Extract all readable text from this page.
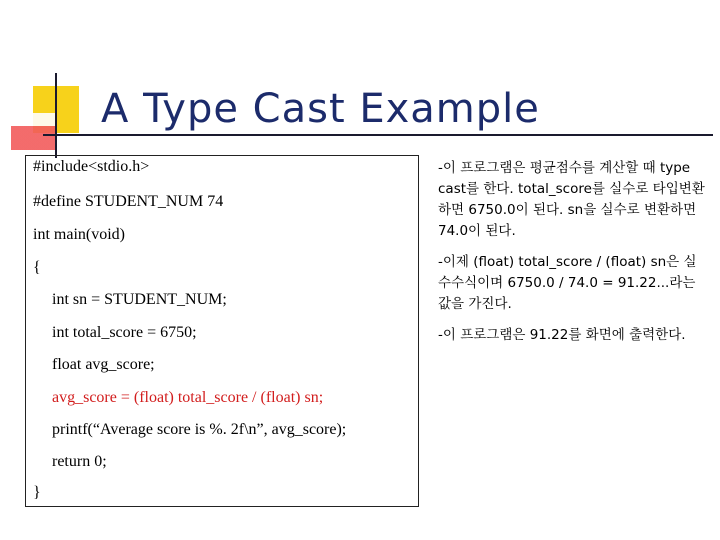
A Type Cast Example
#include<stdio.h>
#define STUDENT_NUM 74
int main(void)
{
int sn = STUDENT_NUM;
int total_score = 6750;
float avg_score;
avg_score = (float) total_score / (float) sn;
printf(“Average score is %. 2f\n”, avg_score);
return 0;
}

-이 프로그램은 평균점수를 계산할 때 type cast를 한다. total_score를 실수로 타입변환하면 6750.0이 된다. sn을 실수로 변환하면 74.0이 된다.

-이제 (float) total_score / (float) sn은 실수수식이며 6750.0 / 74.0 = 91.22...라는 값을 가진다.

-이 프로그램은 91.22를 화면에 출력한다.
